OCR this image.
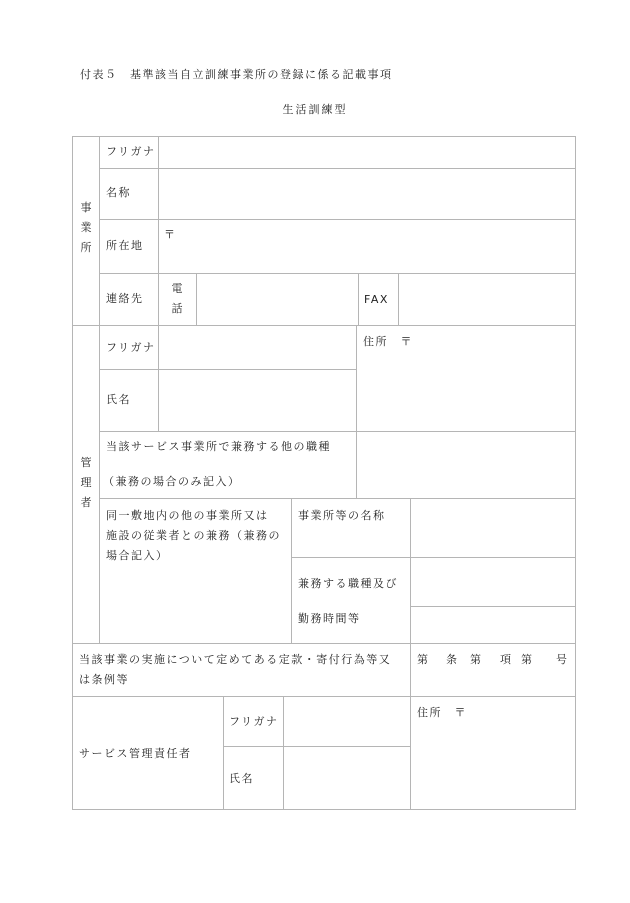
付表５　基準該当自立訓練事業所の登録に係る記載事項
生活訓練型
事
業
所
フリガナ
名称
所在地
〒
連絡先
電
話
FAX
管
理
者
フリガナ
氏名
住所　〒
当該サービス事業所で兼務する他の職種
（兼務の場合のみ記入）
同一敷地内の他の事業所又は
施設の従業者との兼務（兼務の
場合記入）
事業所等の名称
兼務する職種及び
勤務時間等
当該事業の実施について定めてある定款・寄付行為等又
は条例等
第 条 第 項 第 号
サービス管理責任者
フリガナ
氏名
住所　〒
